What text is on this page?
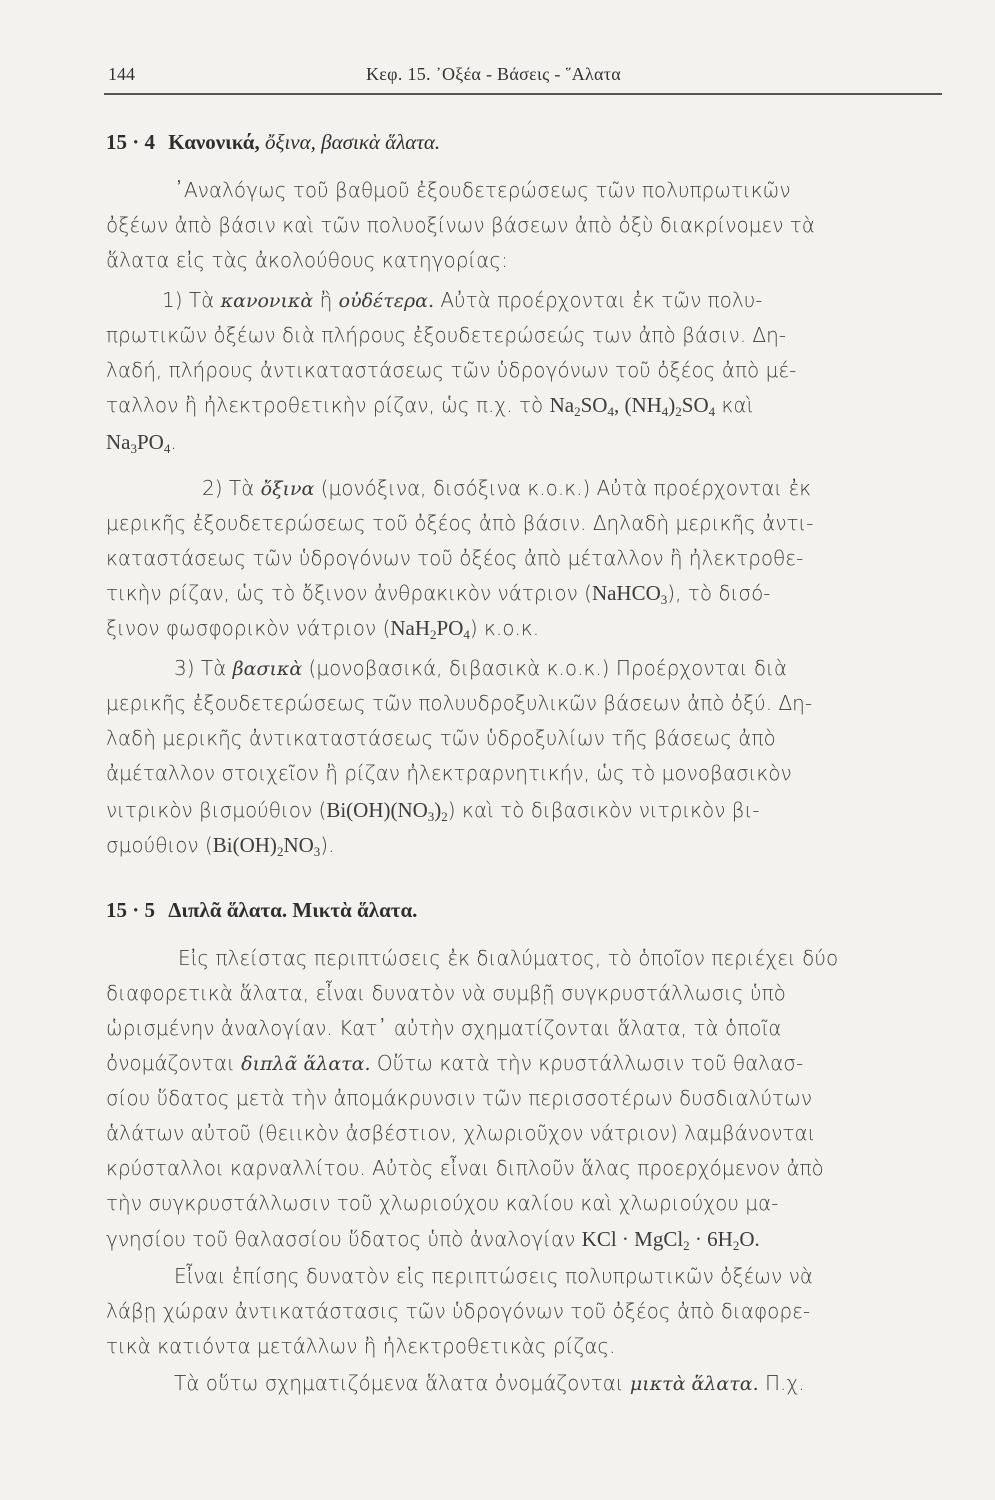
144	Κεφ. 15. ᾿Οξέα - Βάσεις - ῞Αλατα
15 · 4 Κανονικά, ὄξινα, βασικὰ ἅλατα.
᾿Αναλόγως τοῦ βαθμοῦ ἐξουδετερώσεως τῶν πολυπρωτικῶν
ὀξέων ἀπὸ βάσιν καὶ τῶν πολυοξίνων βάσεων ἀπὸ ὀξὺ διακρίνομεν τὰ
ἅλατα εἰς τὰς ἀκολούθους κατηγορίας:
1) Τὰ κανονικὰ ἢ οὐδέτερα. Αὐτὰ προέρχονται ἐκ τῶν πολυ-
πρωτικῶν ὀξέων διὰ πλήρους ἐξουδετερώσεώς των ἀπὸ βάσιν. Δη-
λαδή, πλήρους ἀντικαταστάσεως τῶν ὑδρογόνων τοῦ ὀξέος ἀπὸ μέ-
ταλλον ἢ ἠλεκτροθετικὴν ρίζαν, ὡς π.χ. τὸ $Na_2SO_4$, $(NH_4)_2SO_4$ καὶ
$Na_3PO_4$.
2) Τὰ ὄξινα (μονόξινα, δισόξινα κ.ο.κ.) Αὐτὰ προέρχονται ἐκ
μερικῆς ἐξουδετερώσεως τοῦ ὀξέος ἀπὸ βάσιν. Δηλαδὴ μερικῆς ἀντι-
καταστάσεως τῶν ὑδρογόνων τοῦ ὀξέος ἀπὸ μέταλλον ἢ ἠλεκτροθε-
τικὴν ρίζαν, ὡς τὸ ὄξινον ἀνθρακικὸν νάτριον (NaHCO$_3$), τὸ δισό-
ξινον φωσφορικὸν νάτριον $(NaH_2PO_4)$ κ.ο.κ.
3) Τὰ βασικὰ (μονοβασικά, διβασικὰ κ.ο.κ.) Προέρχονται διὰ
μερικῆς ἐξουδετερώσεως τῶν πολυυδροξυλικῶν βάσεων ἀπὸ ὀξύ. Δη-
λαδὴ μερικῆς ἀντικαταστάσεως τῶν ὑδροξυλίων τῆς βάσεως ἀπὸ
ἀμέταλλον στοιχεῖον ἢ ρίζαν ἠλεκτραρνητικήν, ὡς τὸ μονοβασικὸν
νιτρικὸν βισμούθιον $(Bi(OH)(NO_3)_2)$ καὶ τὸ διβασικὸν νιτρικὸν βι-
σμούθιον $(Bi(OH)_2NO_3)$.
15 · 5 Διπλᾶ ἅλατα. Μικτὰ ἅλατα.
Εἰς πλείστας περιπτώσεις ἐκ διαλύματος, τὸ ὁποῖον περιέχει δύο
διαφορετικὰ ἅλατα, εἶναι δυνατὸν νὰ συμβῇ συγκρυστάλλωσις ὑπὸ
ὡρισμένην ἀναλογίαν. Κατ᾿ αὐτὴν σχηματίζονται ἅλατα, τὰ ὁποῖα
ὀνομάζονται διπλᾶ ἅλατα. Οὕτω κατὰ τὴν κρυστάλλωσιν τοῦ θαλασ-
σίου ὕδατος μετὰ τὴν ἀπομάκρυνσιν τῶν περισσοτέρων δυσδιαλύτων
ἁλάτων αὐτοῦ (θειικὸν ἀσβέστιον, χλωριοῦχον νάτριον) λαμβάνονται
κρύσταλλοι καρναλλίτου. Αὐτὸς εἶναι διπλοῦν ἅλας προερχόμενον ἀπὸ
τὴν συγκρυστάλλωσιν τοῦ χλωριούχου καλίου καὶ χλωριούχου μα-
γνησίου τοῦ θαλασσίου ὕδατος ὑπὸ ἀναλογίαν KCl · MgCl$_2$ · $6H_2O$.
Εἶναι ἐπίσης δυνατὸν εἰς περιπτώσεις πολυπρωτικῶν ὀξέων νὰ
λάβῃ χώραν ἀντικατάστασις τῶν ὑδρογόνων τοῦ ὀξέος ἀπὸ διαφορε-
τικὰ κατιόντα μετάλλων ἢ ἠλεκτροθετικὰς ρίζας.
Τὰ οὕτω σχηματιζόμενα ἅλατα ὀνομάζονται μικτὰ ἅλατα. Π.χ.
